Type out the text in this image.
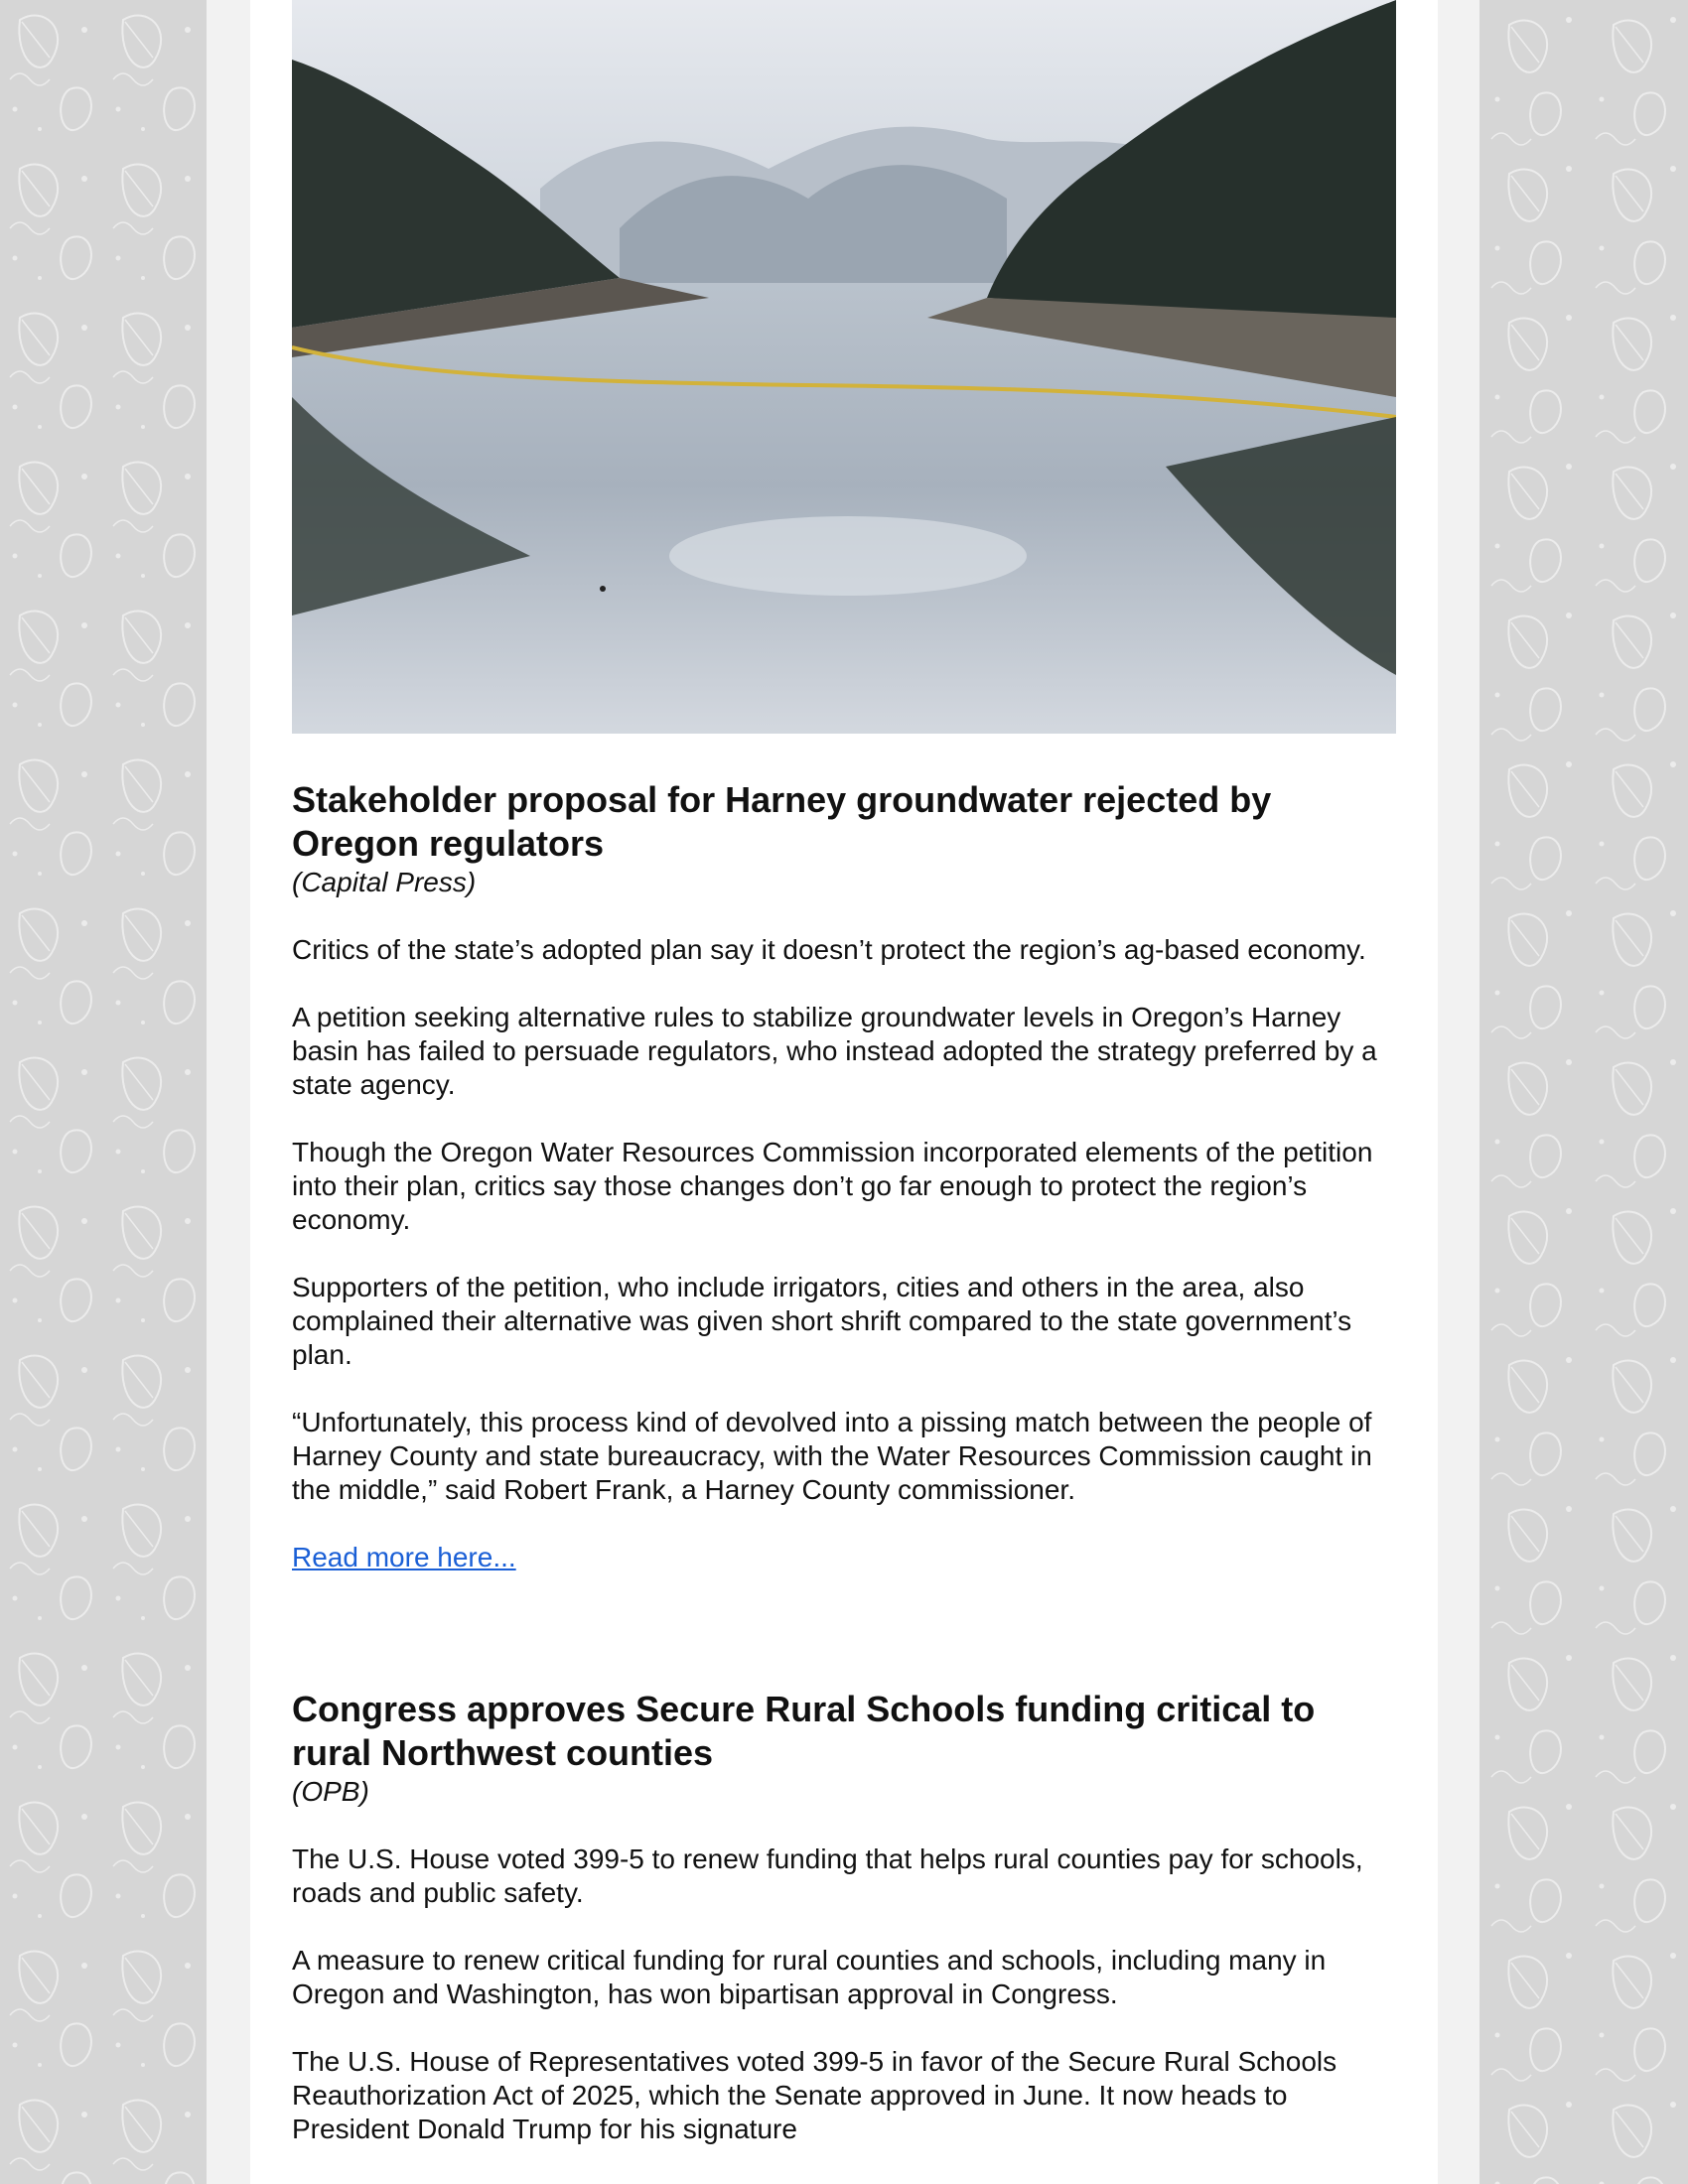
Stakeholder proposal for Harney groundwater rejected by Oregon regulators

(Capital Press)

Critics of the state’s adopted plan say it doesn’t protect the region’s ag-based economy.

A petition seeking alternative rules to stabilize groundwater levels in Oregon’s Harney basin has failed to persuade regulators, who instead adopted the strategy preferred by a state agency.

Though the Oregon Water Resources Commission incorporated elements of the petition into their plan, critics say those changes don’t go far enough to protect the region’s economy.

Supporters of the petition, who include irrigators, cities and others in the area, also complained their alternative was given short shrift compared to the state government’s plan.

“Unfortunately, this process kind of devolved into a pissing match between the people of Harney County and state bureaucracy, with the Water Resources Commission caught in the middle,” said Robert Frank, a Harney County commissioner.

Read more here...
Congress approves Secure Rural Schools funding critical to rural Northwest counties

(OPB)

The U.S. House voted 399-5 to renew funding that helps rural counties pay for schools, roads and public safety.

A measure to renew critical funding for rural counties and schools, including many in Oregon and Washington, has won bipartisan approval in Congress.

The U.S. House of Representatives voted 399-5 in favor of the Secure Rural Schools Reauthorization Act of 2025, which the Senate approved in June. It now heads to President Donald Trump for his signature
